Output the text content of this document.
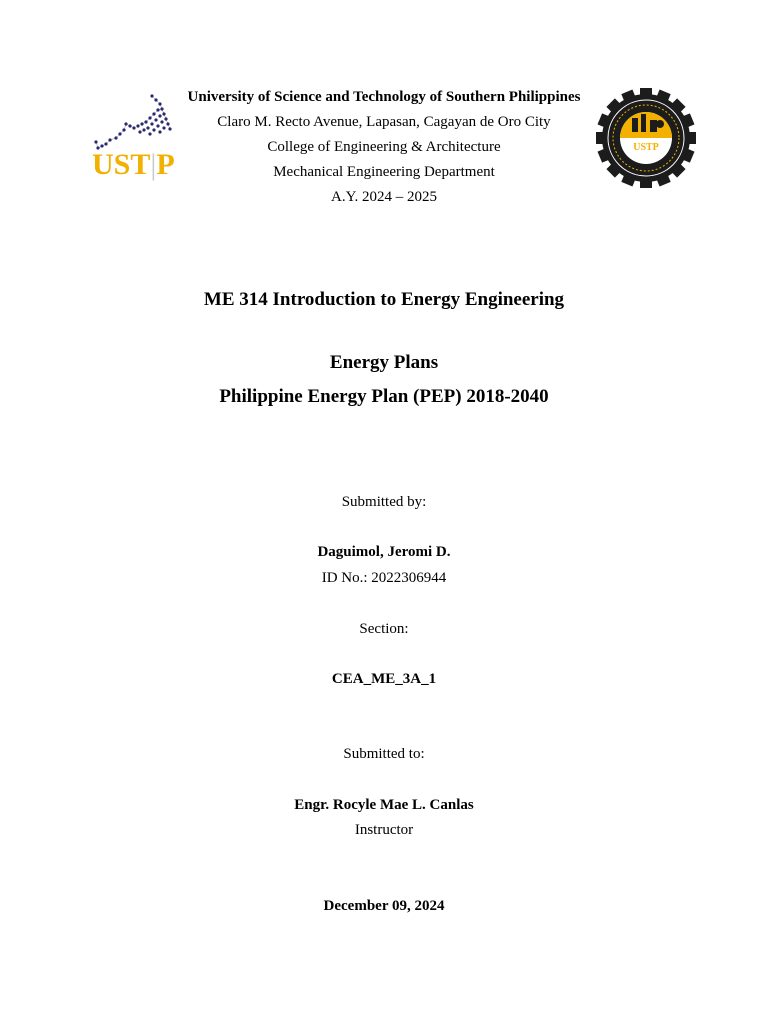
UST|P
USTP
University of Science and Technology of Southern Philippines
Claro M. Recto Avenue, Lapasan, Cagayan de Oro City
College of Engineering & Architecture
Mechanical Engineering Department
A.Y. 2024 – 2025
ME 314 Introduction to Energy Engineering
Energy Plans
Philippine Energy Plan (PEP) 2018-2040
Submitted by:
Daguimol, Jeromi D.
ID No.: 2022306944
Section:
CEA_ME_3A_1
Submitted to:
Engr. Rocyle Mae L. Canlas
Instructor
December 09, 2024
